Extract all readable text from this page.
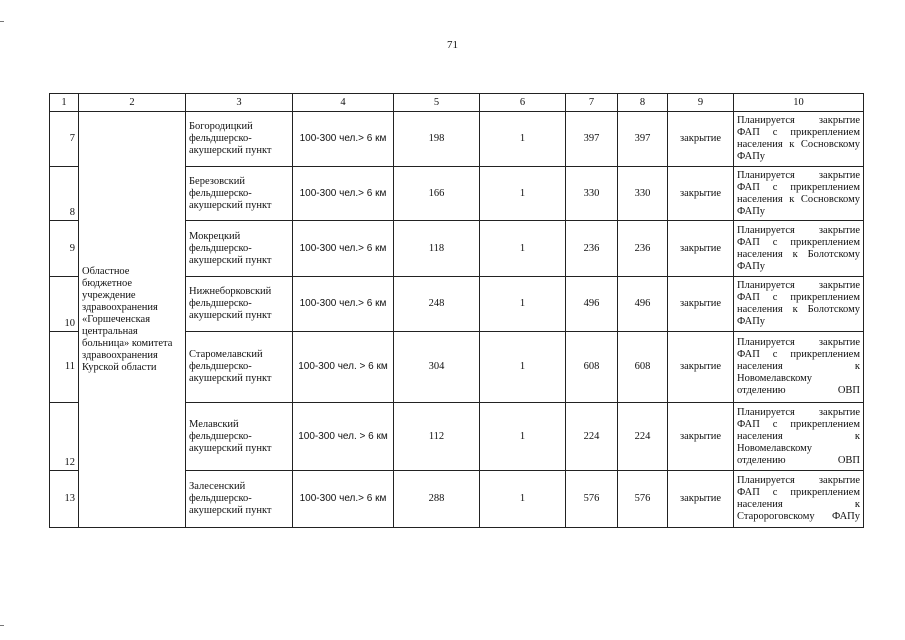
71
1	2	3	4	5	6	7	8	9	10
7	Областное бюджетное учреждение здравоохранения «Горшеченская центральная больница» комитета здравоохранения Курской области	Богородицкий фельдшерско-акушерский пункт	100-300 чел.> 6 км	198	1	397	397	закрытие	Планируется закрытие ФАП с прикреплением населения к Сосновскому ФАПу
8		Березовский фельдшерско-акушерский пункт	100-300 чел.> 6 км	166	1	330	330	закрытие	Планируется закрытие ФАП с прикреплением населения к Сосновскому ФАПу
9		Мокрецкий фельдшерско-акушерский пункт	100-300 чел.> 6 км	118	1	236	236	закрытие	Планируется закрытие ФАП с прикреплением населения к Болотскому ФАПу
10		Нижнеборковский фельдшерско-акушерский пункт	100-300 чел.> 6 км	248	1	496	496	закрытие	Планируется закрытие ФАП с прикреплением населения к Болотскому ФАПу
11		Старомелавский фельдшерско-акушерский пункт	100-300 чел. > 6 км	304	1	608	608	закрытие	Планируется закрытие ФАП с прикреплением населения к Новомелавскому отделению ОВП
12		Мелавский фельдшерско-акушерский пункт	100-300 чел. > 6 км	112	1	224	224	закрытие	Планируется закрытие ФАП с прикреплением населения к Новомелавскому отделению ОВП
13		Залесенский фельдшерско-акушерский пункт	100-300 чел.> 6 км	288	1	576	576	закрытие	Планируется закрытие ФАП с прикреплением населения к Старороговскому ФАПу
